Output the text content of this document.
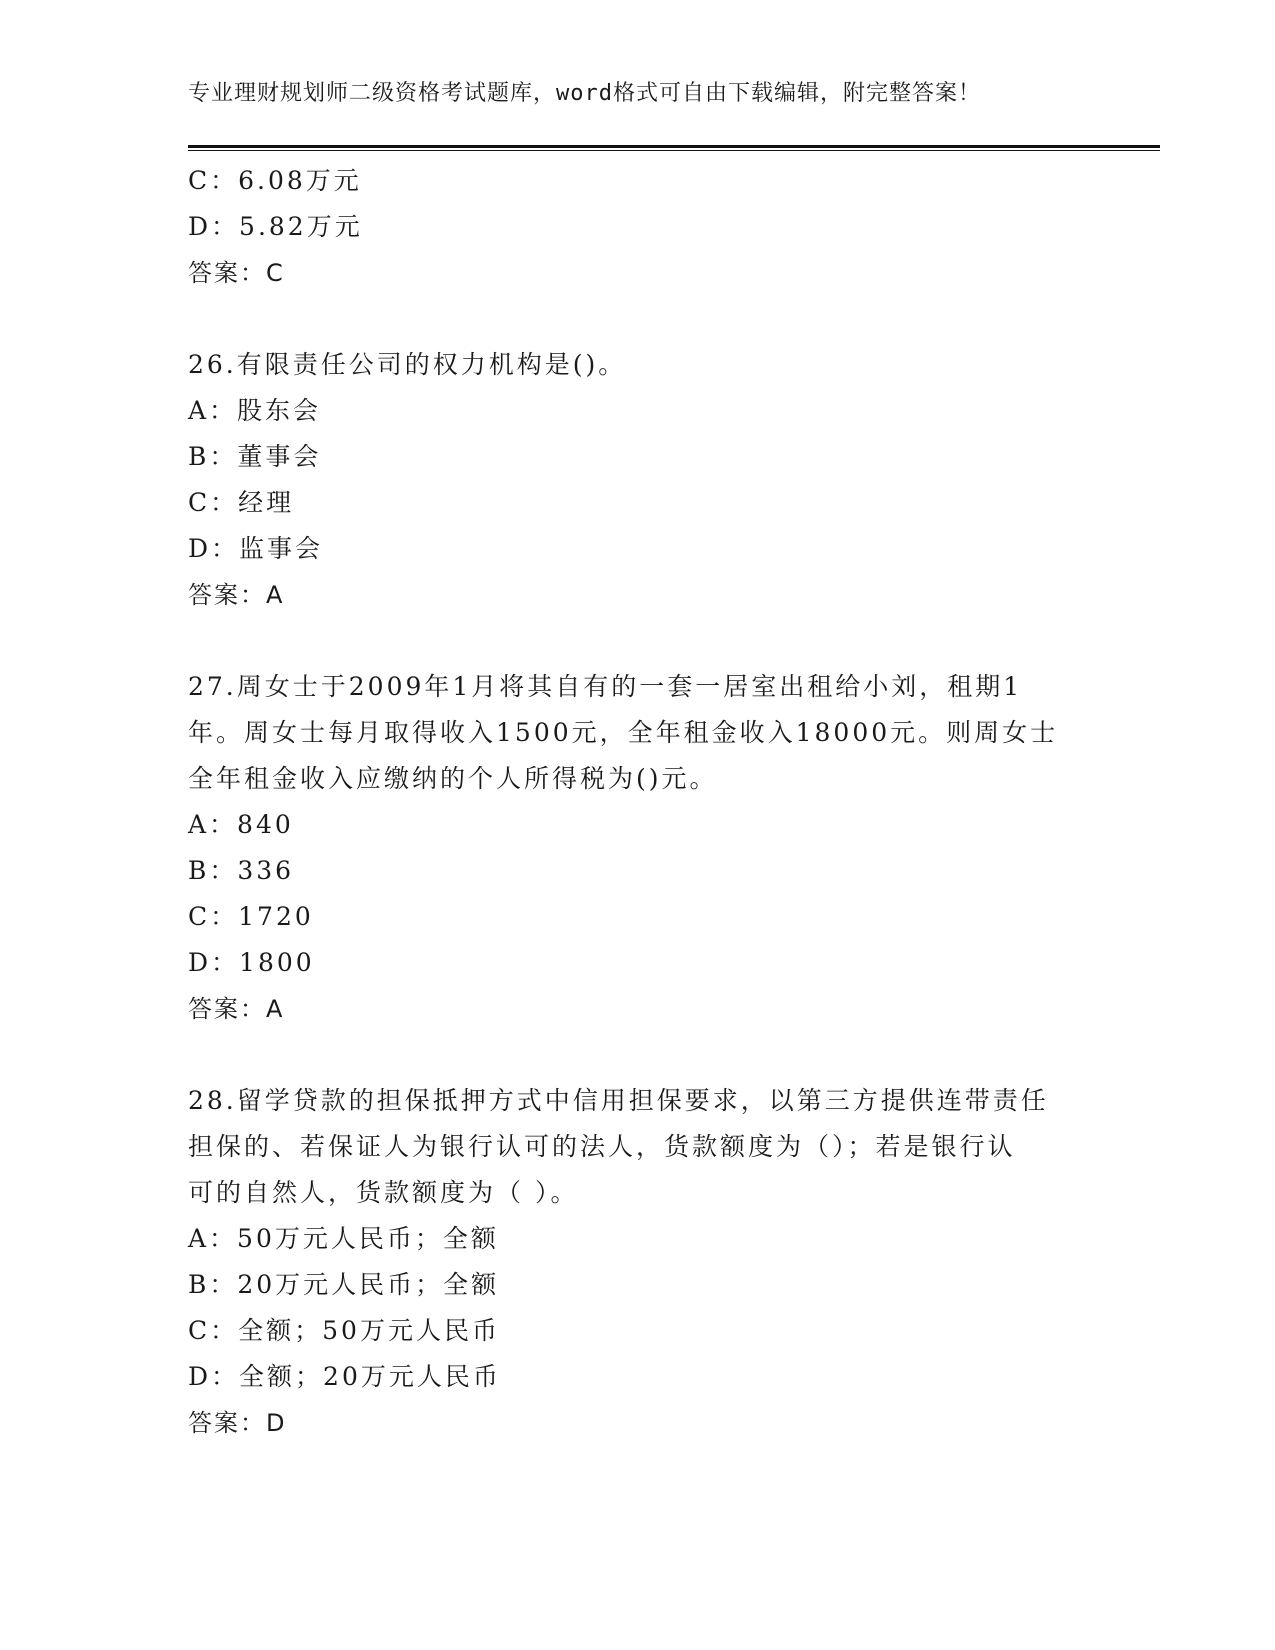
专业理财规划师二级资格考试题库，word格式可自由下载编辑，附完整答案！
C：6.08万元
D：5.82万元
答案：C
26.有限责任公司的权力机构是()。
A：股东会
B：董事会
C：经理
D：监事会
答案：A
27.周女士于2009年1月将其自有的一套一居室出租给小刘，租期1
年。周女士每月取得收入1500元，全年租金收入18000元。则周女士
全年租金收入应缴纳的个人所得税为()元。
A：840
B：336
C：1720
D：1800
答案：A
28.留学贷款的担保抵押方式中信用担保要求，以第三方提供连带责任
担保的、若保证人为银行认可的法人，货款额度为（）；若是银行认
可的自然人，货款额度为（ ）。
A：50万元人民币；全额
B：20万元人民币；全额
C：全额；50万元人民币
D：全额；20万元人民币
答案：D
